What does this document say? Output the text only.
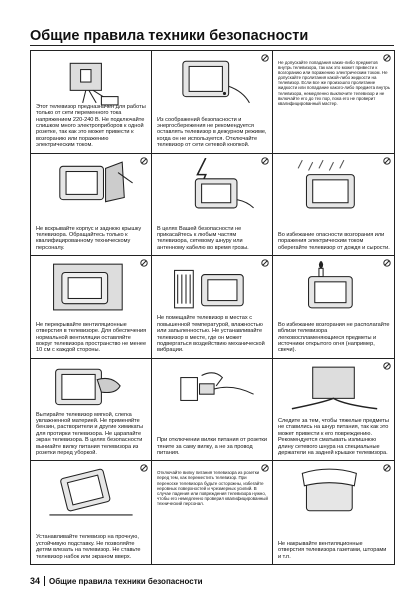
Общие правила техники безопасности
Этот телевизор предназначен для работы только от сети переменного тока напряжением 220-240 В. Не подключайте слишком много электроприборов к одной розетке, так как это может привести к возгоранию или поражению электрическим током.
Из соображений безопасности и энергосбережения не рекомендуется оставлять телевизор в дежурном режиме, когда он не используется. Отключайте телевизор от сети сетевой кнопкой.
Не допускайте попадания каких-либо предметов внутрь телевизора, так как это может привести к возгоранию или поражению электрическим током. Не допускайте пролитания какой-либо жидкости на телевизор. Если все же произошло пролитание жидкости или попадание какого-либо предмета внутрь телевизора, немедленно выключите телевизор и не включайте его до тех пор, пока его не проверит квалифицированный мастер.
Не вскрывайте корпус и заднюю крышку телевизора. Обращайтесь только к квалифицированному техническому персоналу.
В целях Вашей безопасности не прикасайтесь к любым частям телевизора, сетевому шнуру или антенному кабелю во время грозы.
Во избежание опасности возгорания или поражения электрическим током оберегайте телевизор от дождя и сырости.
Не перекрывайте вентиляционные отверстия в телевизоре. Для обеспечения нормальной вентиляции оставляйте вокруг телевизора пространство не менее 10 см с каждой стороны.
Не помещайте телевизор в местах с повышенной температурой, влажностью или запыленностью. Не устанавливайте телевизор в месте, где он может подвергаться воздействию механической вибрации.
Во избежание возгорания не располагайте вблизи телевизора легковоспламеняющиеся предметы и источники открытого огня (например, свечи).
Вытирайте телевизор мягкой, слегка увлажненной материей. Не применяйте бензин, растворители и другие химикаты для протирки телевизора. Не царапайте экран телевизора. В целях безопасности выниайте вилку питания телевизора из розетки перед уборкой.
При отключении вилки питания от розетки тяните за саму вилку, а не за провод питания.
Следите за тем, чтобы тяжелые предметы не ставились на шнур питания, так как это может привести к его повреждению. Рекомендуется сматывать излишнюю длину сетевого шнура на специальные держатели на задней крышке телевизора.
Устанавливайте телевизор на прочную, устойчивую подставку. Не позволяйте детям влезать на телевизор. Не ставьте телевизор набок или экраном вверх.
Отключайте вилку питания телевизора из розетки перед тем, как переместить телевизор. При переноске телевизора будьте осторожны, избегайте неровных поверхностей и чрезмерных усилий. В случае падения или повреждения телевизора нужно, чтобы его немедленно проверил квалифицированный технический персонал.
Не накрывайте вентиляционные отверстия телевизора газетами, шторами и т.п.
34 Общие правила техники безопасности
